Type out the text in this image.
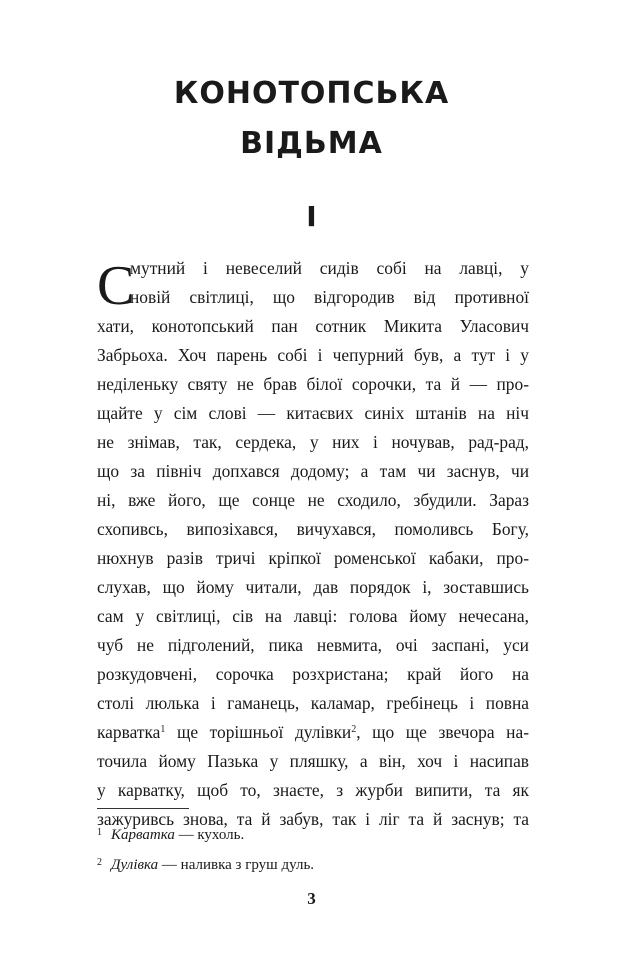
КОНОТОПСЬКА
ВІДЬМА
I
С
мутний і невеселий сидів собі на лавці, у
новій світлиці, що відгородив від противної
хати, конотопський пан сотник Микита Уласович
Забрьоха. Хоч парень собі і чепурний був, а тут і у
неділеньку святу не брав білої сорочки, та й — про-
щайте у сім слові — китаєвих синіх штанів на ніч
не знімав, так, сердека, у них і ночував, рад-рад,
що за північ допхався додому; а там чи заснув, чи
ні, вже його, ще сонце не сходило, збудили. Зараз
схопивсь, випозіхався, вичухався, помоливсь Богу,
нюхнув разів тричі кріпкої роменської кабаки, про-
слухав, що йому читали, дав порядок і, зоставшись
сам у світлиці, сів на лавці: голова йому нечесана,
чуб не підголений, пика невмита, очі заспані, уси
розкудовчені, сорочка розхристана; край його на
столі люлька і гаманець, каламар, гребінець і повна
карватка$^1$ ще торішньої дулівки$^2$, що ще звечора на-
точила йому Пазька у пляшку, а він, хоч і насипав
у карватку, щоб то, знаєте, з журби випити, та як
зажуривсь знова, та й забув, так і ліг та й заснув; та
1 Карватка — кухоль.
2 Дулівка — наливка з груш дуль.
3
